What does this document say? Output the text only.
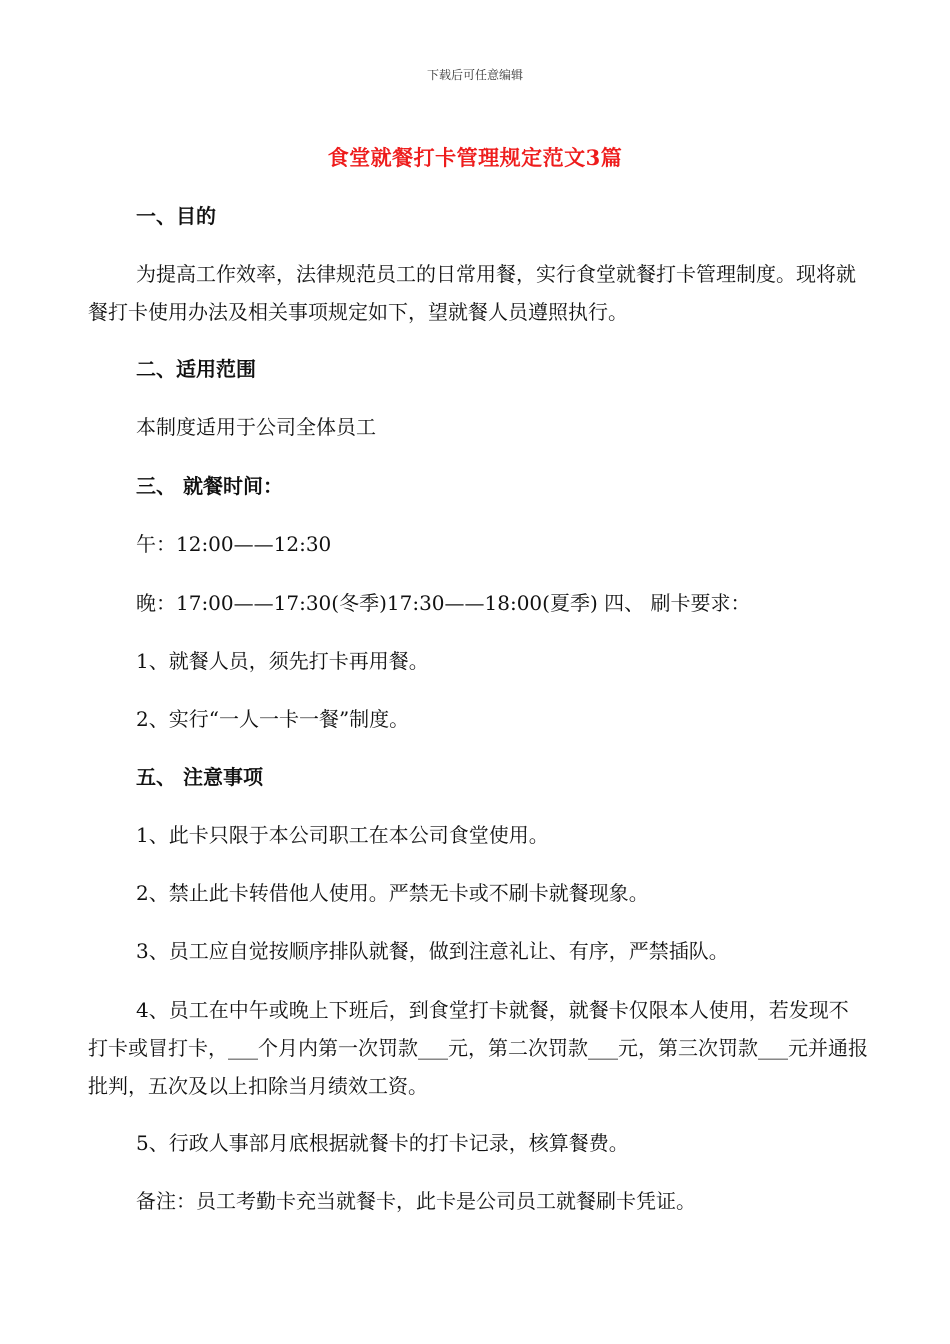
下载后可任意编辑
食堂就餐打卡管理规定范文3篇
一、目的
为提高工作效率，法律规范员工的日常用餐，实行食堂就餐打卡管理制度。现将就餐打卡使用办法及相关事项规定如下，望就餐人员遵照执行。
二、适用范围
本制度适用于公司全体员工
三、 就餐时间：
午：12:00——12:30
晚：17:00——17:30(冬季)17:30——18:00(夏季) 四、 刷卡要求：
1、就餐人员，须先打卡再用餐。
2、实行“一人一卡一餐”制度。
五、 注意事项
1、此卡只限于本公司职工在本公司食堂使用。
2、禁止此卡转借他人使用。严禁无卡或不刷卡就餐现象。
3、员工应自觉按顺序排队就餐，做到注意礼让、有序，严禁插队。
4、员工在中午或晚上下班后，到食堂打卡就餐，就餐卡仅限本人使用，若发现不打卡或冒打卡，___个月内第一次罚款___元，第二次罚款___元，第三次罚款___元并通报批判，五次及以上扣除当月绩效工资。
5、行政人事部月底根据就餐卡的打卡记录，核算餐费。
备注：员工考勤卡充当就餐卡，此卡是公司员工就餐刷卡凭证。
